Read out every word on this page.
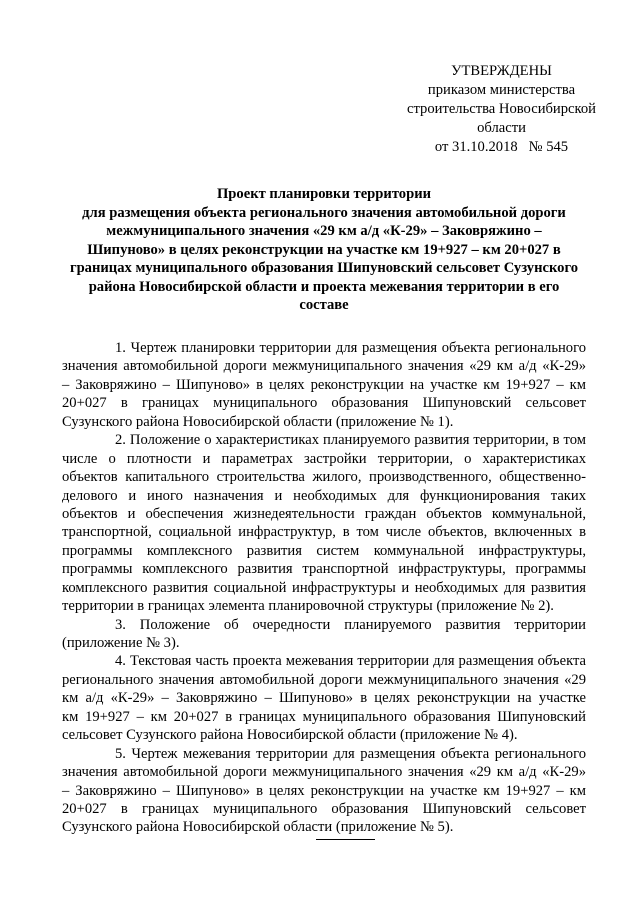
УТВЕРЖДЕНЫ
приказом министерства
строительства Новосибирской
области
от 31.10.2018   № 545
Проект планировки территории
для размещения объекта регионального значения автомобильной дороги
межмуниципального значения «29 км а/д «К-29» – Заковряжино –
Шипуново» в целях реконструкции на участке км 19+927 – км 20+027 в
границах муниципального образования Шипуновский сельсовет Сузунского
района Новосибирской области и проекта межевания территории в его
составе
1. Чертеж планировки территории для размещения объекта регионального
значения автомобильной дороги межмуниципального значения «29 км а/д «К-29»
– Заковряжино – Шипуново» в целях реконструкции на участке км 19+927 – км
20+027 в границах муниципального образования Шипуновский сельсовет
Сузунского района Новосибирской области (приложение № 1).
2. Положение о характеристиках планируемого развития территории, в том
числе о плотности и параметрах застройки территории, о характеристиках
объектов капитального строительства жилого, производственного, общественно-
делового и иного назначения и необходимых для функционирования таких
объектов и обеспечения жизнедеятельности граждан объектов коммунальной,
транспортной, социальной инфраструктур, в том числе объектов, включенных в
программы комплексного развития систем коммунальной инфраструктуры,
программы комплексного развития транспортной инфраструктуры, программы
комплексного развития социальной инфраструктуры и необходимых для развития
территории в границах элемента планировочной структуры (приложение № 2).
3. Положение об очередности планируемого развития территории
(приложение № 3).
4. Текстовая часть проекта межевания территории для размещения объекта
регионального значения автомобильной дороги межмуниципального значения «29
км а/д «К-29» – Заковряжино – Шипуново» в целях реконструкции на участке
км 19+927 – км 20+027 в границах муниципального образования Шипуновский
сельсовет Сузунского района Новосибирской области (приложение № 4).
5. Чертеж межевания территории для размещения объекта регионального
значения автомобильной дороги межмуниципального значения «29 км а/д «К-29»
– Заковряжино – Шипуново» в целях реконструкции на участке км 19+927 – км
20+027 в границах муниципального образования Шипуновский сельсовет
Сузунского района Новосибирской области (приложение № 5).
